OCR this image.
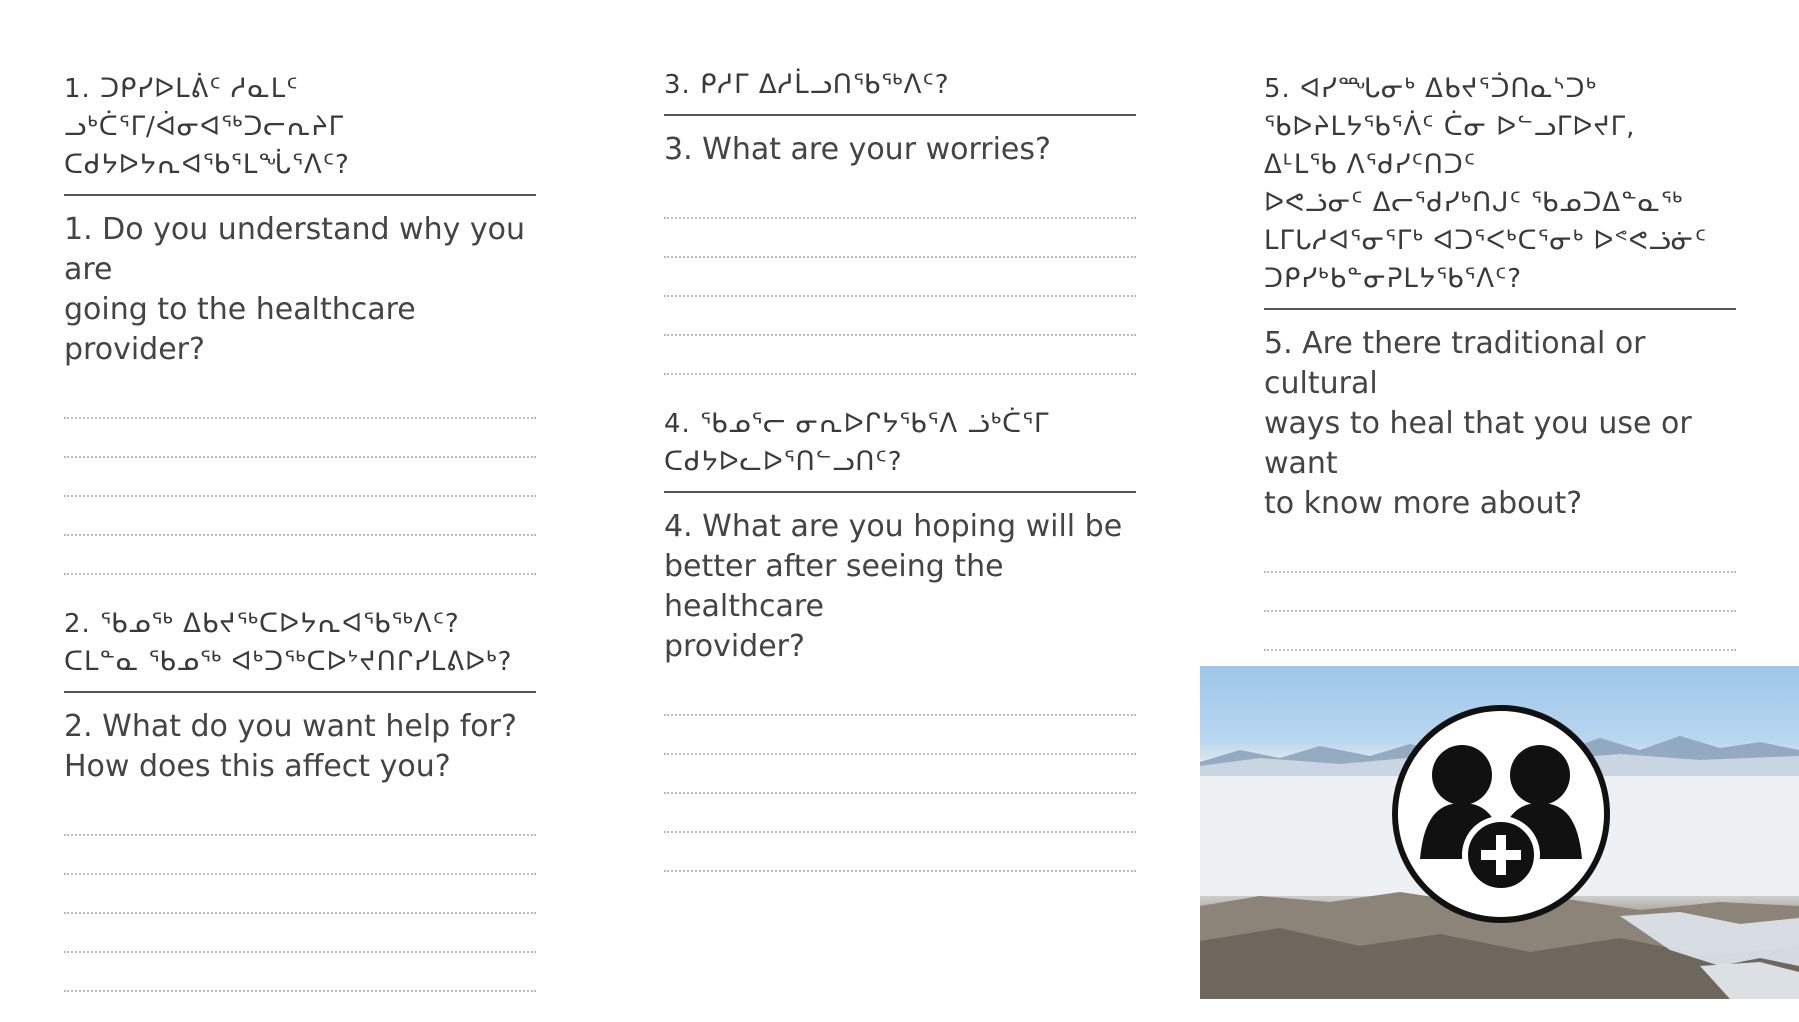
1. ᑐᑭᓯᐅᒪᕖᑦ ᓱᓇᒪᑦ
ᓗᒃᑖᕐᒥ/ᐋᓂᐊᖅᑐᓕᕆᔨᒥ
ᑕᑯᔭᐅᔭᕆᐊᖃᕐᒪᖔᕐᐱᑦ?
1. Do you understand why you are
going to the healthcare provider?
2. ᖃᓄᖅ ᐃᑲᔪᖅᑕᐅᔭᕆᐊᖃᖅᐱᑦ?
ᑕᒪᓐᓇ ᖃᓄᖅ ᐊᒃᑐᖅᑕᐅᔾᔪᑎᒋᓯᒪᕕᐅᒃ?
2. What do you want help for?
How does this affect you?
3. ᑭᓱᒥ ᐃᓱᒫᓗᑎᖃᖅᐱᑦ?
3. What are your worries?
4. ᖃᓄᕐᓕ ᓂᕆᐅᒋᔭᖃᕐᐱ ᓘᒃᑖᕐᒥ
ᑕᑯᔭᐅᓚᐅᕐᑎᓪᓗᑎᑦ?
4. What are you hoping will be
better after seeing the healthcare
provider?
5. ᐊᓯᙵᓂᒃ ᐃᑲᔪᕐᑑᑎᓇᔅᑐᒃ
ᖃᐅᔨᒪᔭᖃᕐᐲᑦ ᑖᓂ ᐅᓪᓗᒥᐅᔪᒥ,
ᐃᒻᒪᖃ ᐱᕐᑯᓯᑦᑎᑐᑦ
ᐅᕙᓘᓂᑦ ᐃᓕᕐᑯᓯᒃᑎᒍᑦ ᖃᓄᑐᐃᓐᓇᖅ
ᒪᒥᒐᓱᐊᕐᓂᕐᒥᒃ ᐊᑐᕐᐸᒃᑕᕐᓂᒃ ᐅᕝᕙᓘᓃᑦ
ᑐᑭᓯᒃᑲᓐᓂᕈᒪᔭᖃᕐᐱᑦ?
5. Are there traditional or cultural
ways to heal that you use or want
to know more about?
